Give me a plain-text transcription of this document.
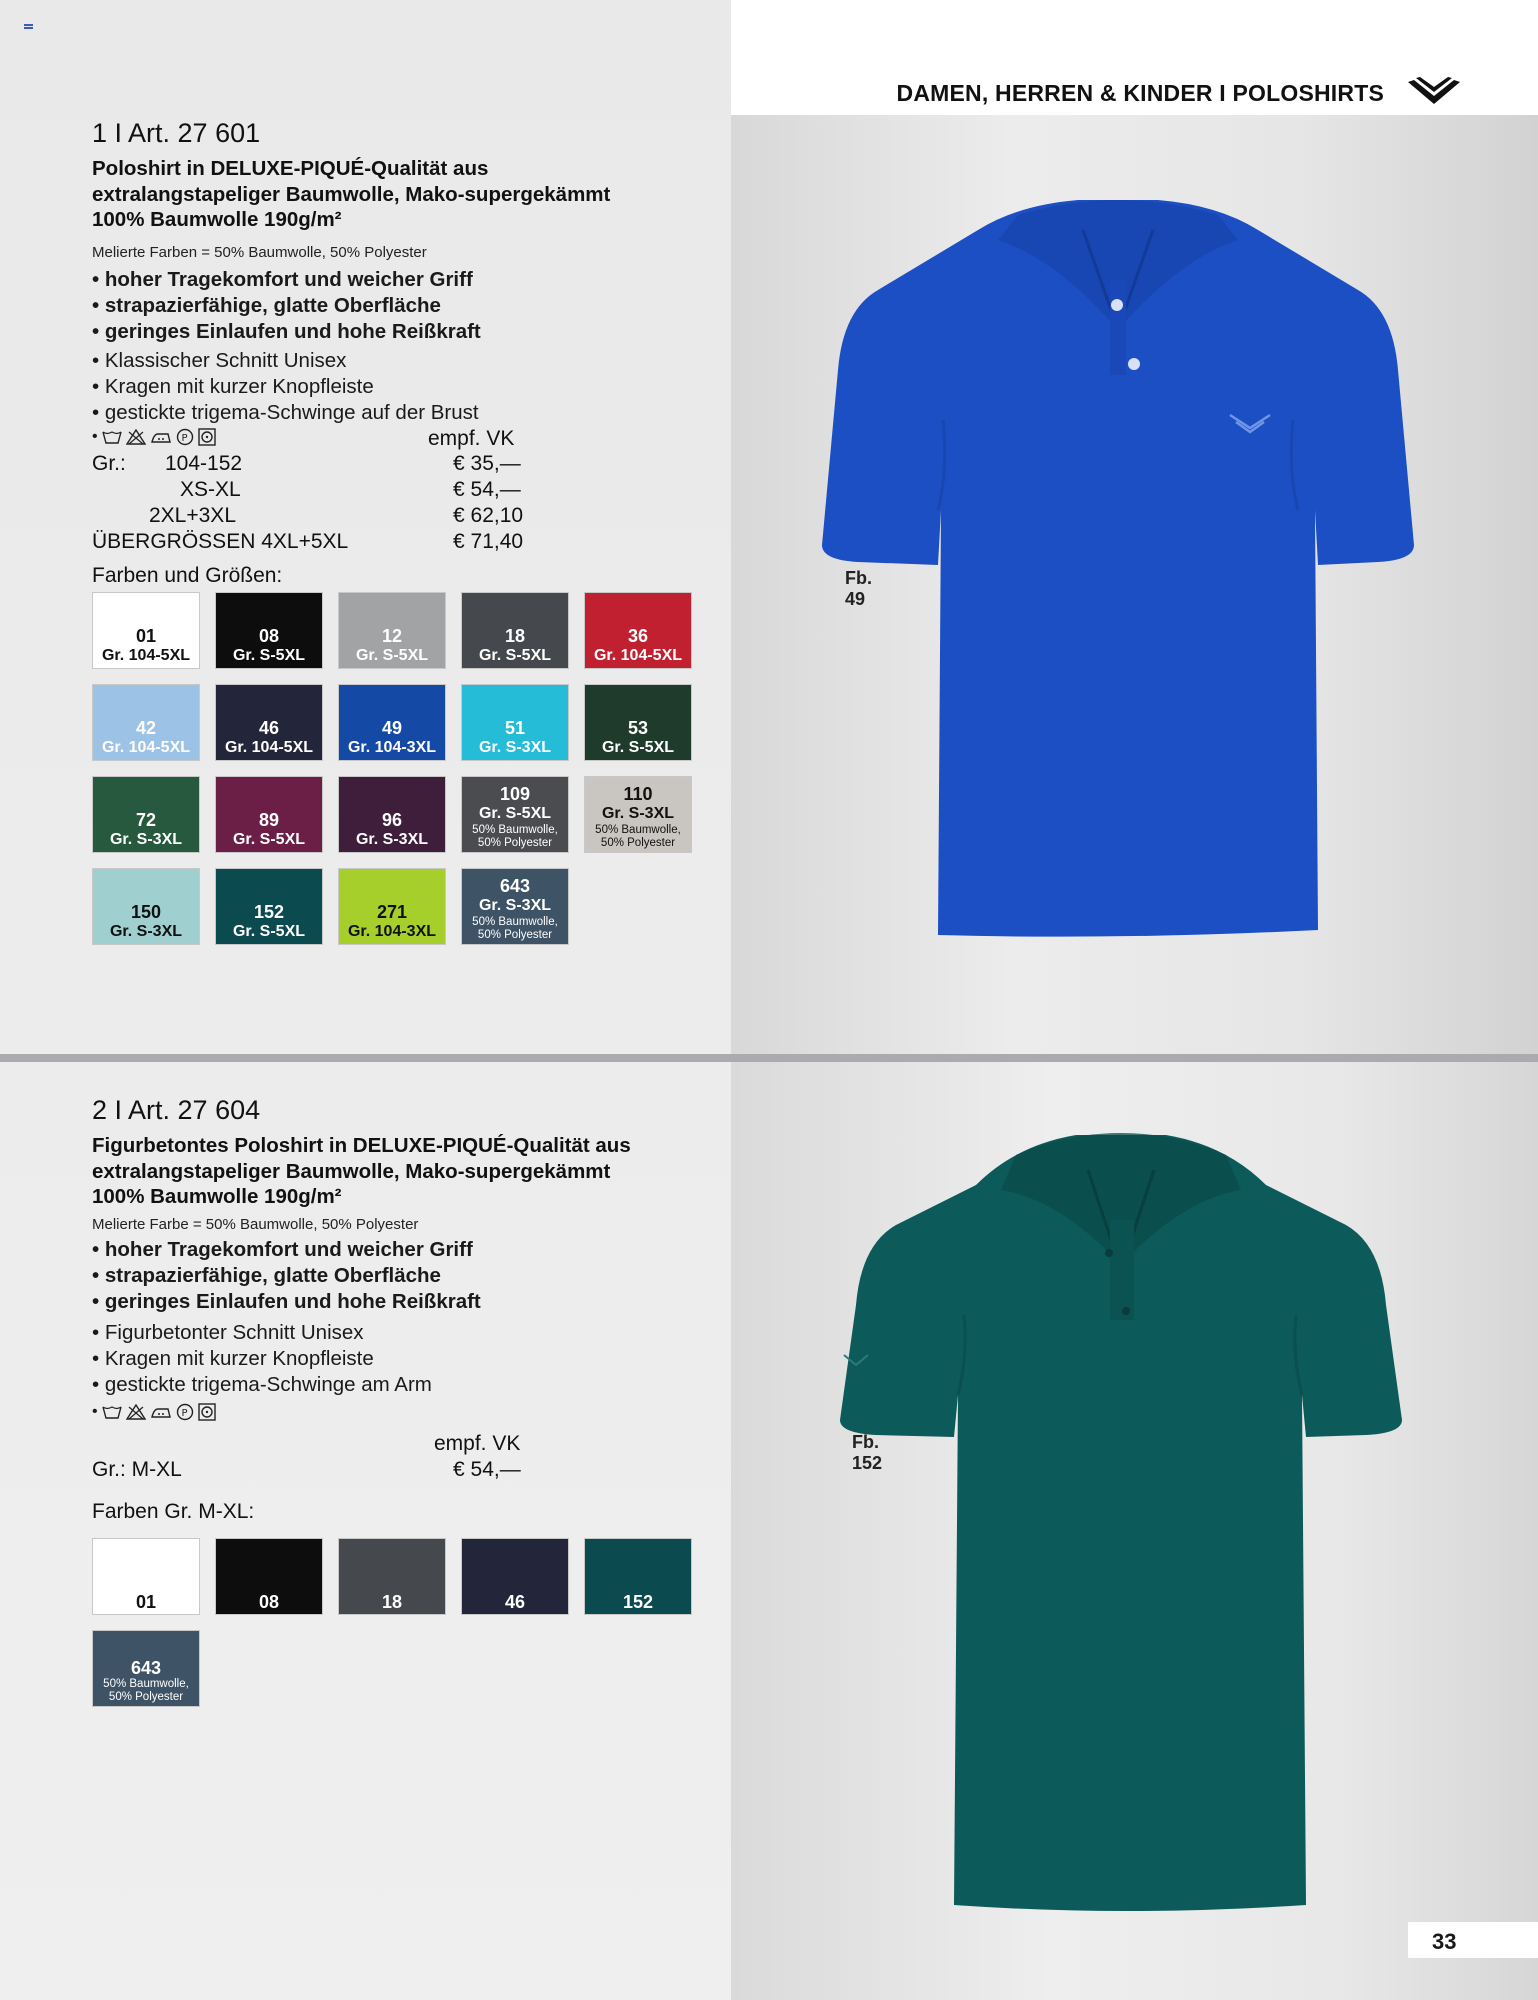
DAMEN, HERREN & KINDER I POLOSHIRTS
1 I Art. 27 601
Poloshirt in DELUXE-PIQUÉ-Qualität aus
extralangstapeliger Baumwolle, Mako-supergekämmt
100% Baumwolle 190g/m²
Melierte Farben = 50% Baumwolle, 50% Polyester
• hoher Tragekomfort und weicher Griff
• strapazierfähige, glatte Oberfläche
• geringes Einlaufen und hohe Reißkraft
• Klassischer Schnitt Unisex
• Kragen mit kurzer Knopfleiste
• gestickte trigema-Schwinge auf der Brust
•	P	empf. VK
Gr.: 104-152	€ 35,—
XS-XL	€ 54,—
2XL+3XL	€ 62,10
ÜBERGRÖSSEN 4XL+5XL	€ 71,40
Farben und Größen:
01
Gr. 104-5XL
08
Gr. S-5XL
12
Gr. S-5XL
18
Gr. S-5XL
36
Gr. 104-5XL
42
Gr. 104-5XL
46
Gr. 104-5XL
49
Gr. 104-3XL
51
Gr. S-3XL
53
Gr. S-5XL
72
Gr. S-3XL
89
Gr. S-5XL
96
Gr. S-3XL
109
Gr. S-5XL
50% Baumwolle,
50% Polyester
110
Gr. S-3XL
50% Baumwolle,
50% Polyester
150
Gr. S-3XL
152
Gr. S-5XL
271
Gr. 104-3XL
643
Gr. S-3XL
50% Baumwolle,
50% Polyester
Fb.
49
2 I Art. 27 604
Figurbetontes Poloshirt in DELUXE-PIQUÉ-Qualität aus
extralangstapeliger Baumwolle, Mako-supergekämmt
100% Baumwolle 190g/m²
Melierte Farbe = 50% Baumwolle, 50% Polyester
• hoher Tragekomfort und weicher Griff
• strapazierfähige, glatte Oberfläche
• geringes Einlaufen und hohe Reißkraft
• Figurbetonter Schnitt Unisex
• Kragen mit kurzer Knopfleiste
• gestickte trigema-Schwinge am Arm
•	P
empf. VK
Gr.: M-XL	€ 54,—
Farben Gr. M-XL:
01	08	18	46	152
643
50% Baumwolle,
50% Polyester
Fb.
152
33
